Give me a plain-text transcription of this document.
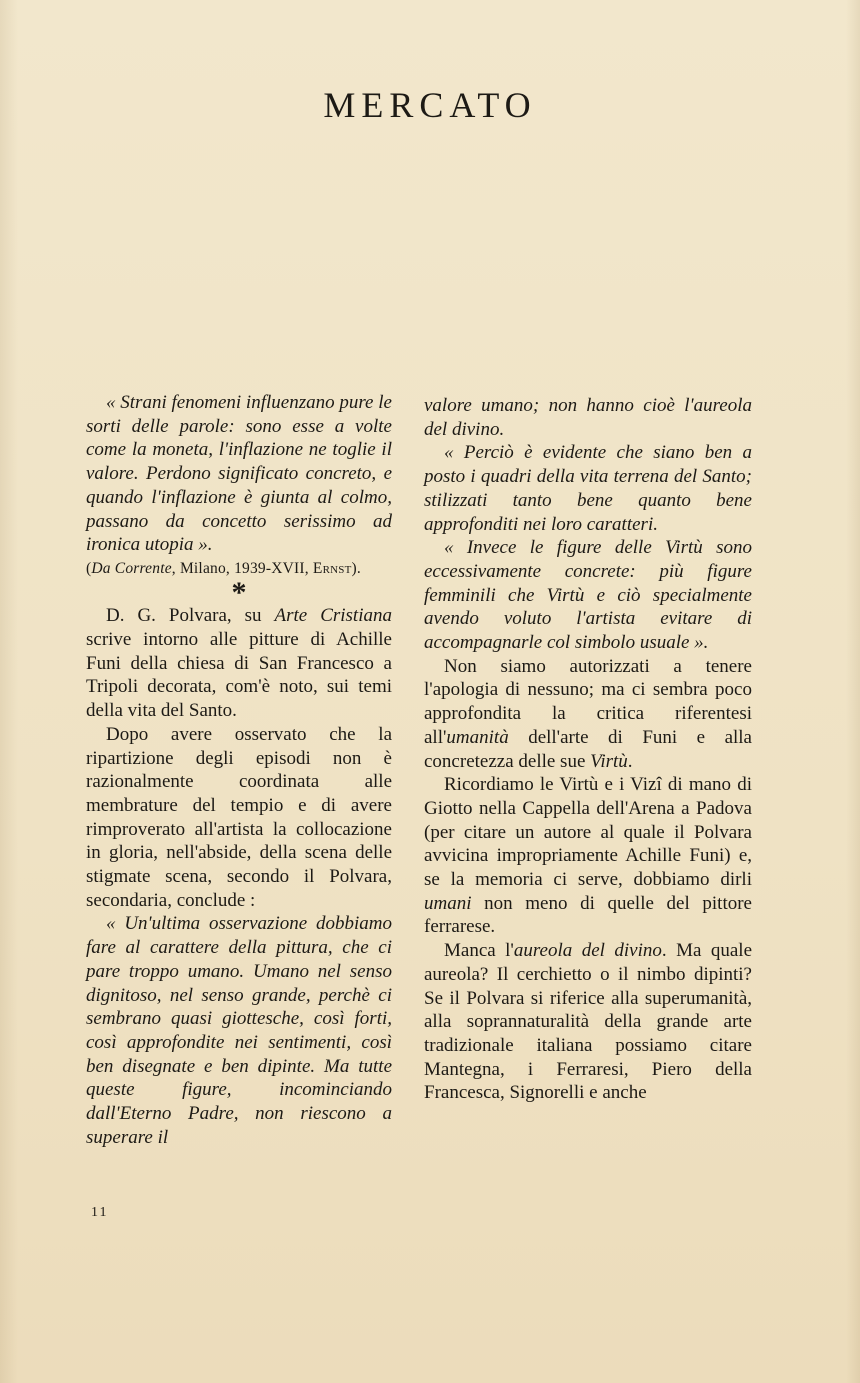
MERCATO

« Strani fenomeni influenzano pure le sorti delle parole: sono esse a volte come la moneta, l'inflazione ne toglie il valore. Perdono significato concreto, e quando l'inflazione è giunta al colmo, passano da concetto serissimo ad ironica utopia ».

(Da Corrente, Milano, 1939-XVII, Ernst).

*

D. G. Polvara, su Arte Cristiana scrive intorno alle pitture di Achille Funi della chiesa di San Francesco a Tripoli decorata, com'è noto, sui temi della vita del Santo.

Dopo avere osservato che la ripartizione degli episodi non è razionalmente coordinata alle membrature del tempio e di avere rimproverato all'artista la collocazione in gloria, nell'abside, della scena delle stigmate scena, secondo il Polvara, secondaria, conclude :

« Un'ultima osservazione dobbiamo fare al carattere della pittura, che ci pare troppo umano. Umano nel senso dignitoso, nel senso grande, perchè ci sembrano quasi giottesche, così forti, così approfondite nei sentimenti, così ben disegnate e ben dipinte. Ma tutte queste figure, incominciando dall'Eterno Padre, non riescono a superare il

valore umano; non hanno cioè l'aureola del divino.

« Perciò è evidente che siano ben a posto i quadri della vita terrena del Santo; stilizzati tanto bene quanto bene approfonditi nei loro caratteri.

« Invece le figure delle Virtù sono eccessivamente concrete: più figure femminili che Virtù e ciò specialmente avendo voluto l'artista evitare di accompagnarle col simbolo usuale ».

Non siamo autorizzati a tenere l'apologia di nessuno; ma ci sembra poco approfondita la critica riferentesi all'umanità dell'arte di Funi e alla concretezza delle sue Virtù.

Ricordiamo le Virtù e i Vizî di mano di Giotto nella Cappella dell'Arena a Padova (per citare un autore al quale il Polvara avvicina impropriamente Achille Funi) e, se la memoria ci serve, dobbiamo dirli umani non meno di quelle del pittore ferrarese.

Manca l'aureola del divino. Ma quale aureola? Il cerchietto o il nimbo dipinti? Se il Polvara si riferice alla superumanità, alla soprannaturalità della grande arte tradizionale italiana possiamo citare Mantegna, i Ferraresi, Piero della Francesca, Signorelli e anche

11
